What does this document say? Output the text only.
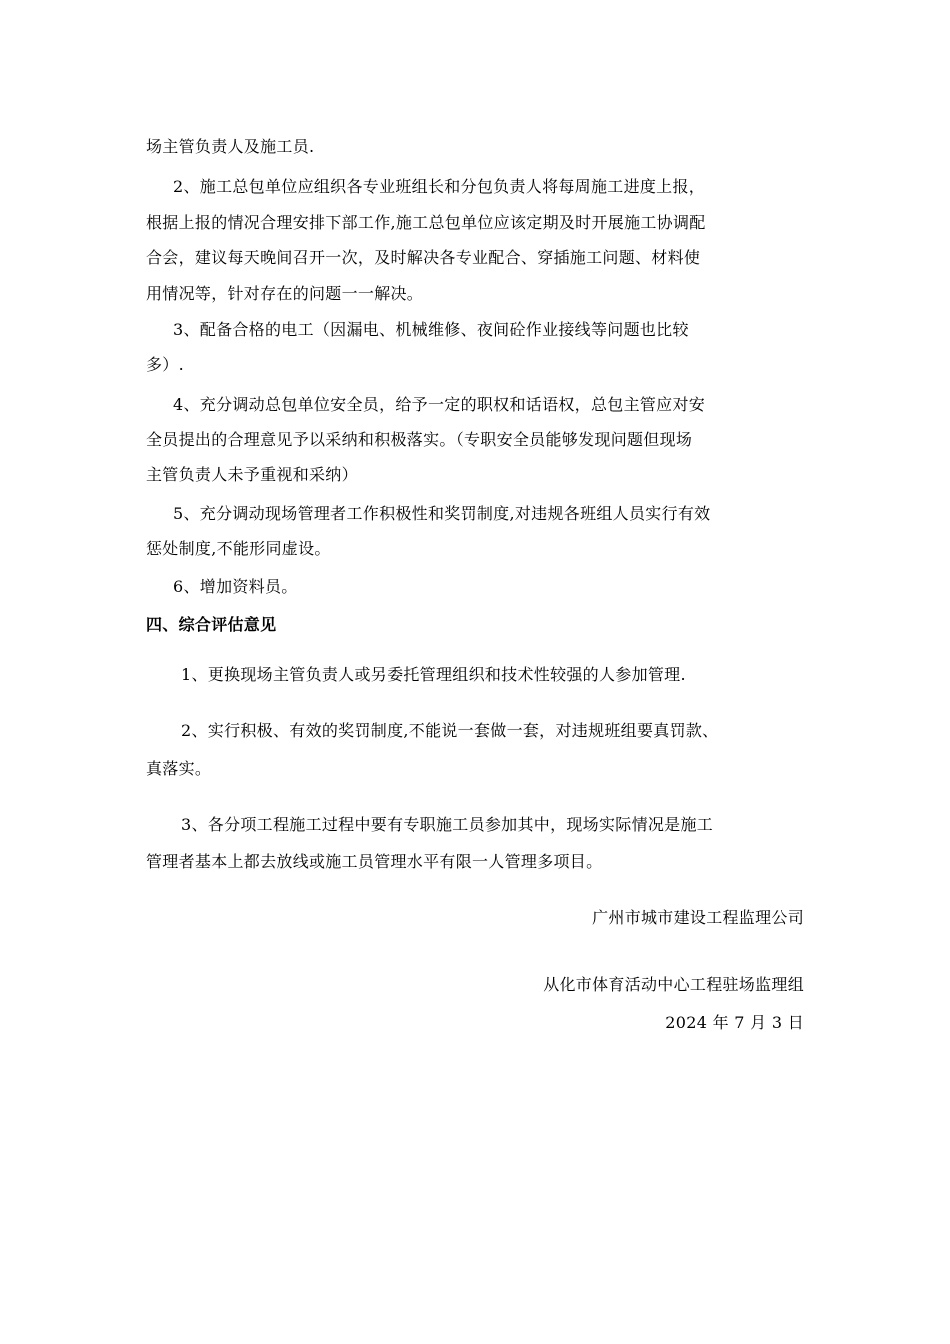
场主管负责人及施工员.
2、施工总包单位应组织各专业班组长和分包负责人将每周施工进度上报，
根据上报的情况合理安排下部工作,施工总包单位应该定期及时开展施工协调配
合会，建议每天晚间召开一次，及时解决各专业配合、穿插施工问题、材料使
用情况等，针对存在的问题一一解决。
3、配备合格的电工（因漏电、机械维修、夜间砼作业接线等问题也比较
多）.
4、充分调动总包单位安全员，给予一定的职权和话语权，总包主管应对安
全员提出的合理意见予以采纳和积极落实。（专职安全员能够发现问题但现场
主管负责人未予重视和采纳）
5、充分调动现场管理者工作积极性和奖罚制度,对违规各班组人员实行有效
惩处制度,不能形同虚设。
6、增加资料员。
四、综合评估意见
1、更换现场主管负责人或另委托管理组织和技术性较强的人参加管理.
2、实行积极、有效的奖罚制度,不能说一套做一套，对违规班组要真罚款、
真落实。
3、各分项工程施工过程中要有专职施工员参加其中，现场实际情况是施工
管理者基本上都去放线或施工员管理水平有限一人管理多项目。
广州市城市建设工程监理公司
从化市体育活动中心工程驻场监理组
2024 年 7 月 3 日
